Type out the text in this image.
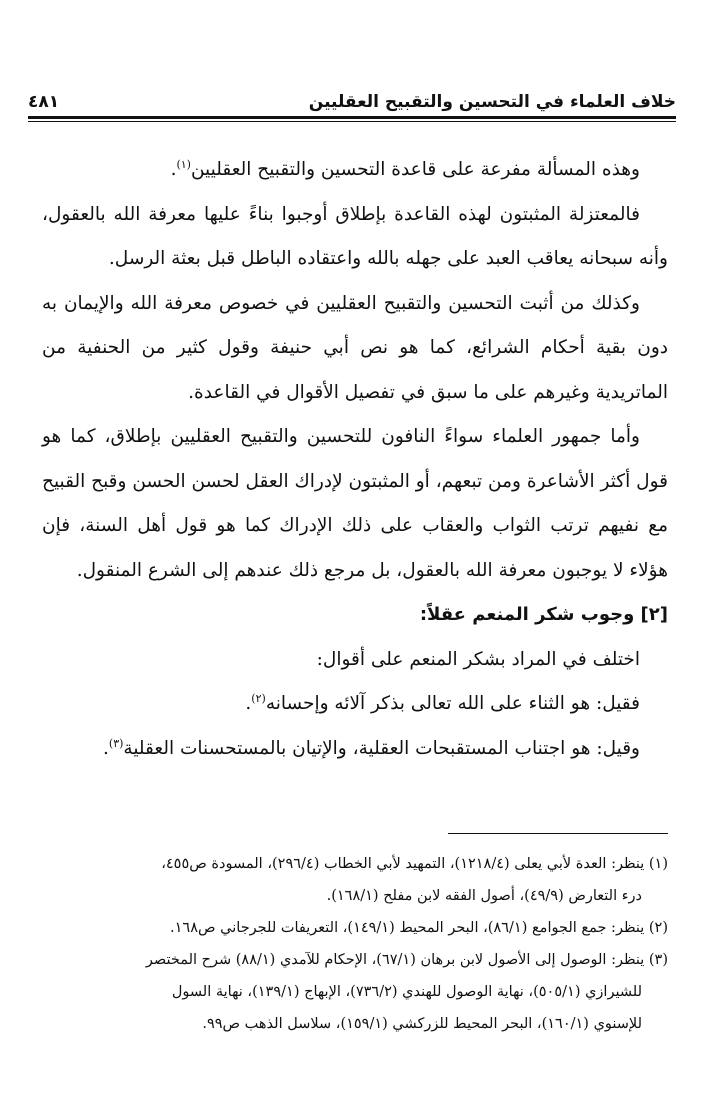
خلاف العلماء في التحسين والتقبيح العقليين
٤٨١

وهذه المسألة مفرعة على قاعدة التحسين والتقبيح العقليين$^{(١)}$.

فالمعتزلة المثبتون لهذه القاعدة بإطلاق أوجبوا بناءً عليها معرفة الله بالعقول، وأنه سبحانه يعاقب العبد على جهله بالله واعتقاده الباطل قبل بعثة الرسل.

وكذلك من أثبت التحسين والتقبيح العقليين في خصوص معرفة الله والإيمان به دون بقية أحكام الشرائع، كما هو نص أبي حنيفة وقول كثير من الحنفية من الماتريدية وغيرهم على ما سبق في تفصيل الأقوال في القاعدة.

وأما جمهور العلماء سواءً النافون للتحسين والتقبيح العقليين بإطلاق، كما هو قول أكثر الأشاعرة ومن تبعهم، أو المثبتون لإدراك العقل لحسن الحسن وقبح القبيح مع نفيهم ترتب الثواب والعقاب على ذلك الإدراك كما هو قول أهل السنة، فإن هؤلاء لا يوجبون معرفة الله بالعقول، بل مرجع ذلك عندهم إلى الشرع المنقول.

[٢] وجوب شكر المنعم عقلاً:

اختلف في المراد بشكر المنعم على أقوال:

فقيل: هو الثناء على الله تعالى بذكر آلائه وإحسانه$^{(٢)}$.

وقيل: هو اجتناب المستقبحات العقلية، والإتيان بالمستحسنات العقلية$^{(٣)}$.

(١) ينظر: العدة لأبي يعلى (١٢١٨/٤)، التمهيد لأبي الخطاب (٢٩٦/٤)، المسودة ص٤٥٥،

درء التعارض (٤٩/٩)، أصول الفقه لابن مفلح (١٦٨/١).

(٢) ينظر: جمع الجوامع (٨٦/١)، البحر المحيط (١٤٩/١)، التعريفات للجرجاني ص١٦٨.

(٣) ينظر: الوصول إلى الأصول لابن برهان (٦٧/١)، الإحكام للآمدي (٨٨/١) شرح المختصر

للشيرازي (٥٠٥/١)، نهاية الوصول للهندي (٧٣٦/٢)، الإبهاج (١٣٩/١)، نهاية السول

للإسنوي (١٦٠/١)، البحر المحيط للزركشي (١٥٩/١)، سلاسل الذهب ص٩٩.
